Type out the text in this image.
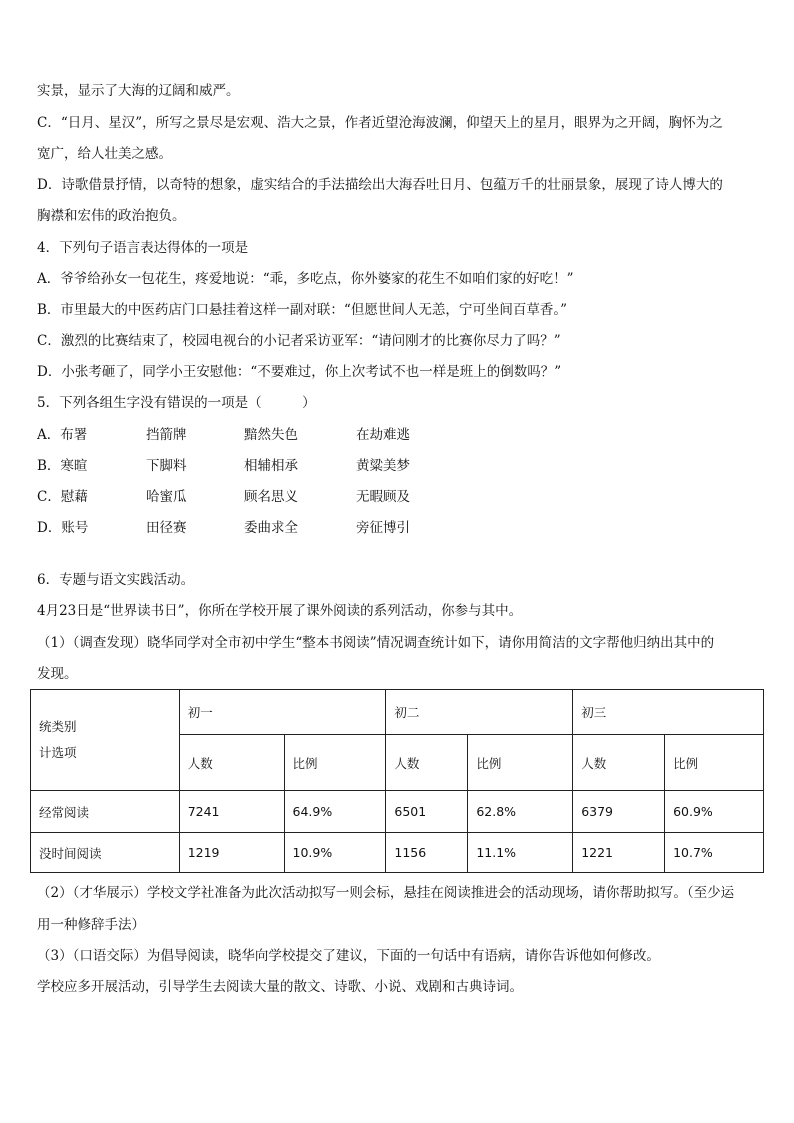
实景，显示了大海的辽阔和威严。
C．“日月、星汉”，所写之景尽是宏观、浩大之景，作者近望沧海波澜，仰望天上的星月，眼界为之开阔，胸怀为之
宽广，给人壮美之感。
D．诗歌借景抒情，以奇特的想象，虚实结合的手法描绘出大海吞吐日月、包蕴万千的壮丽景象，展现了诗人博大的
胸襟和宏伟的政治抱负。
4．下列句子语言表达得体的一项是
A．爷爷给孙女一包花生，疼爱地说：“乖，多吃点，你外婆家的花生不如咱们家的好吃！”
B．市里最大的中医药店门口悬挂着这样一副对联：“但愿世间人无恙，宁可坐间百草香。”
C．激烈的比赛结束了，校园电视台的小记者采访亚军：“请问刚才的比赛你尽力了吗？”
D．小张考砸了，同学小王安慰他：“不要难过，你上次考试不也一样是班上的倒数吗？”
5．下列各组生字没有错误的一项是（　　　）
A．布署	挡箭牌	黯然失色	在劫难逃
B．寒暄	下脚料	相辅相承	黄粱美梦
C．慰藉	哈蜜瓜	顾名思义	无暇顾及
D．账号	田径赛	委曲求全	旁征博引
6．专题与语文实践活动。
4月23日是“世界读书日”，你所在学校开展了课外阅读的系列活动，你参与其中。
（1）（调查发现）晓华同学对全市初中学生“整本书阅读”情况调查统计如下，请你用简洁的文字帮他归纳出其中的
发现。
统类别
计选项	初一		初二		初三	
	人数	比例	人数	比例	人数	比例
经常阅读	7241	64.9%	6501	62.8%	6379	60.9%
没时间阅读	1219	10.9%	1156	11.1%	1221	10.7%
（2）（才华展示）学校文学社准备为此次活动拟写一则会标，悬挂在阅读推进会的活动现场，请你帮助拟写。（至少运
用一种修辞手法）
（3）（口语交际）为倡导阅读，晓华向学校提交了建议，下面的一句话中有语病，请你告诉他如何修改。
学校应多开展活动，引导学生去阅读大量的散文、诗歌、小说、戏剧和古典诗词。
